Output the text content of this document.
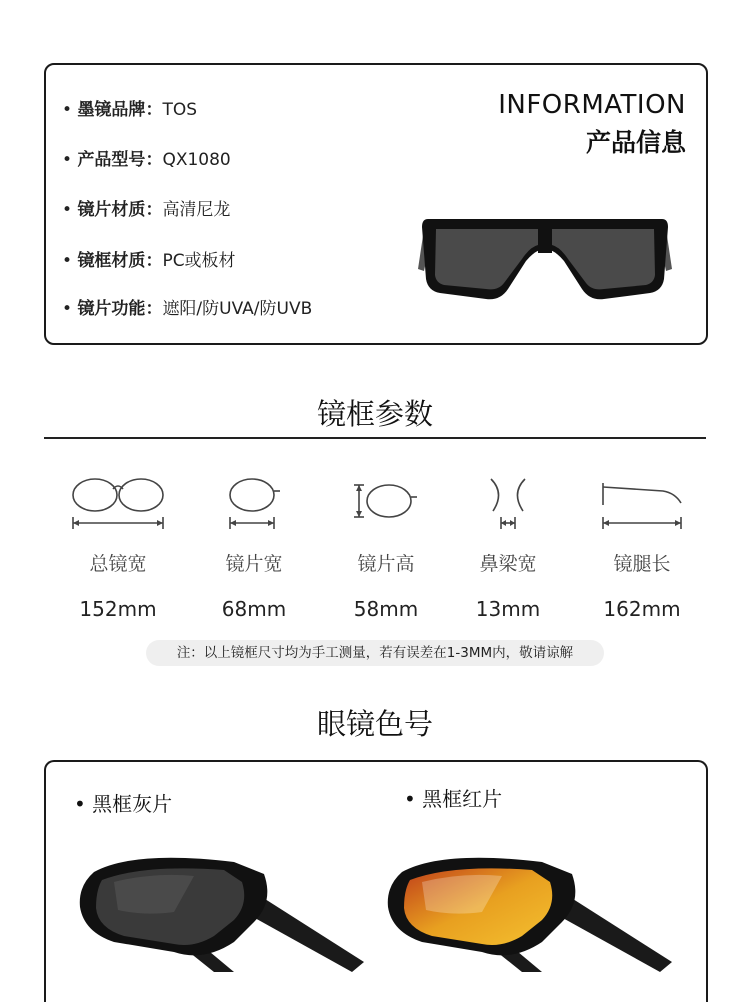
• 墨镜品牌：TOS
• 产品型号：QX1080
• 镜片材质：高清尼龙
• 镜框材质：PC或板材
• 镜片功能：遮阳/防UVA/防UVB
INFORMATION
产品信息
镜框参数
总镜宽
152mm
镜片宽
68mm
镜片高
58mm
鼻梁宽
13mm
镜腿长
162mm
注：以上镜框尺寸均为手工测量，若有误差在1-3MM内，敬请谅解
眼镜色号
• 黑框灰片	• 黑框红片
